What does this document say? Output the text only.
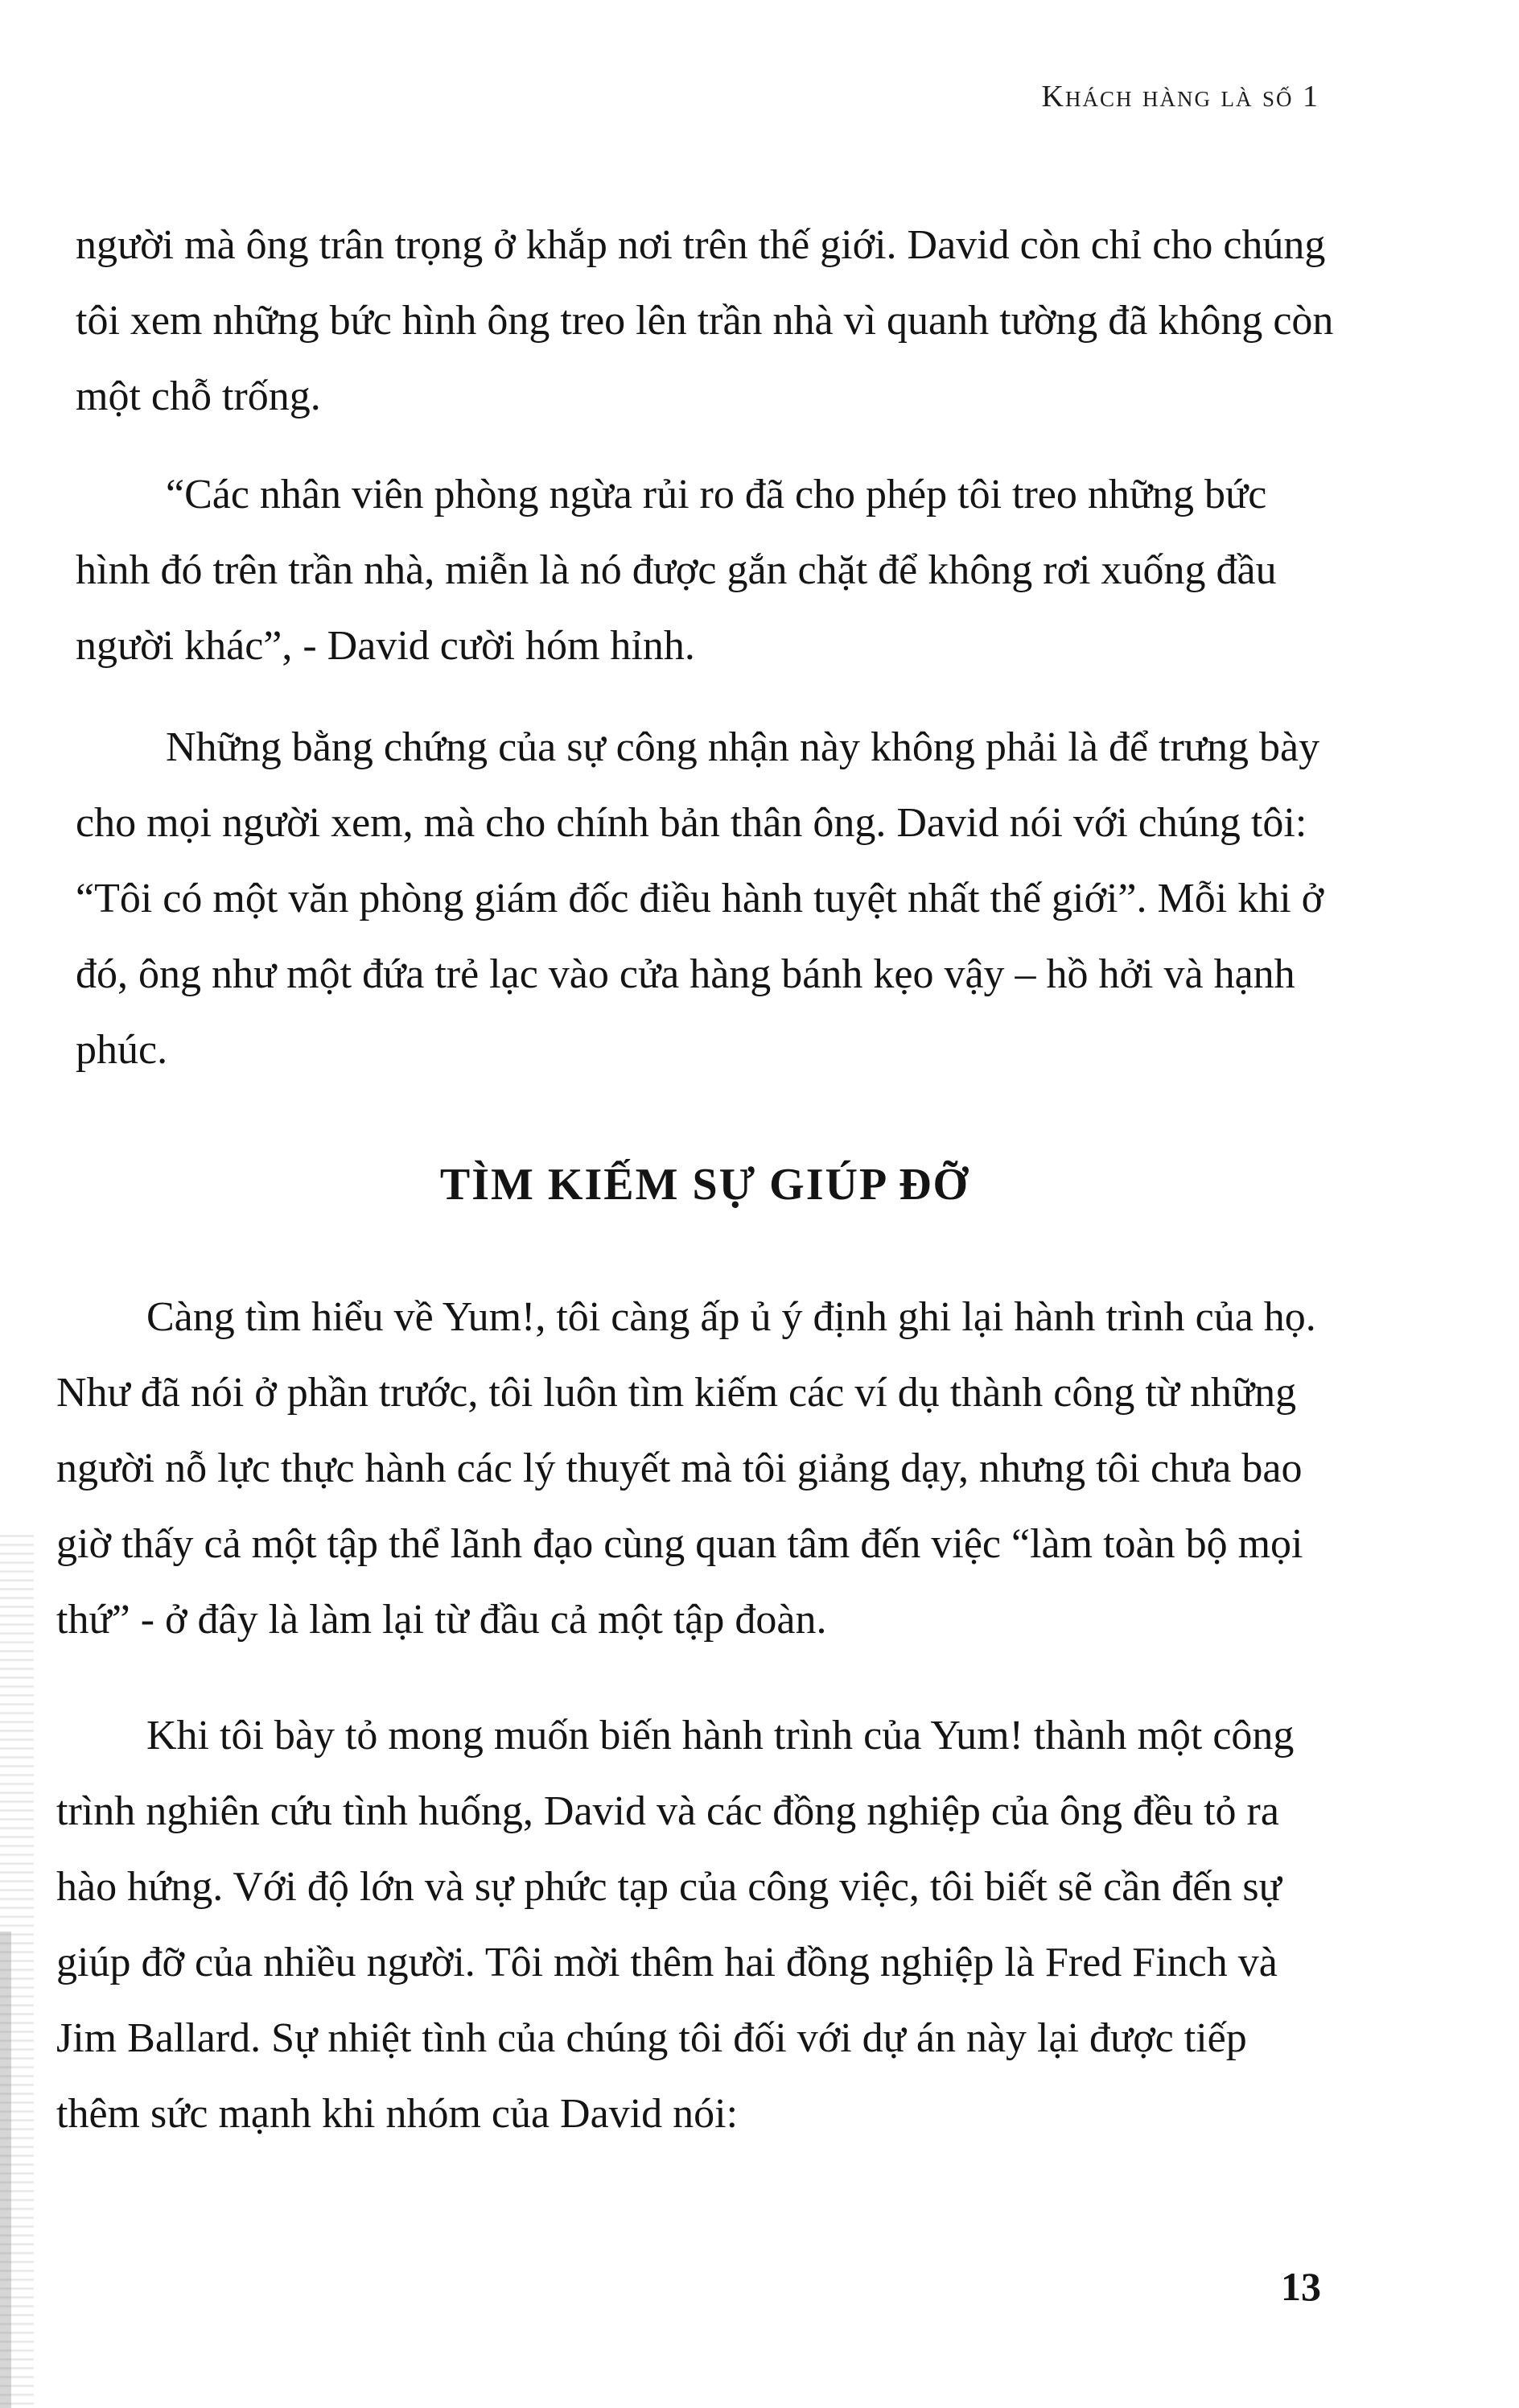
Khách hàng là số 1

người mà ông trân trọng ở khắp nơi trên thế giới. David còn chỉ cho chúng tôi xem những bức hình ông treo lên trần nhà vì quanh tường đã không còn một chỗ trống.

“Các nhân viên phòng ngừa rủi ro đã cho phép tôi treo những bức hình đó trên trần nhà, miễn là nó được gắn chặt để không rơi xuống đầu người khác”, - David cười hóm hỉnh.

Những bằng chứng của sự công nhận này không phải là để trưng bày cho mọi người xem, mà cho chính bản thân ông. David nói với chúng tôi: “Tôi có một văn phòng giám đốc điều hành tuyệt nhất thế giới”. Mỗi khi ở đó, ông như một đứa trẻ lạc vào cửa hàng bánh kẹo vậy – hồ hởi và hạnh phúc.

TÌM KIẾM SỰ GIÚP ĐỠ

Càng tìm hiểu về Yum!, tôi càng ấp ủ ý định ghi lại hành trình của họ. Như đã nói ở phần trước, tôi luôn tìm kiếm các ví dụ thành công từ những người nỗ lực thực hành các lý thuyết mà tôi giảng dạy, nhưng tôi chưa bao giờ thấy cả một tập thể lãnh đạo cùng quan tâm đến việc “làm toàn bộ mọi thứ” - ở đây là làm lại từ đầu cả một tập đoàn.

Khi tôi bày tỏ mong muốn biến hành trình của Yum! thành một công trình nghiên cứu tình huống, David và các đồng nghiệp của ông đều tỏ ra hào hứng. Với độ lớn và sự phức tạp của công việc, tôi biết sẽ cần đến sự giúp đỡ của nhiều người. Tôi mời thêm hai đồng nghiệp là Fred Finch và Jim Ballard. Sự nhiệt tình của chúng tôi đối với dự án này lại được tiếp thêm sức mạnh khi nhóm của David nói:

13
